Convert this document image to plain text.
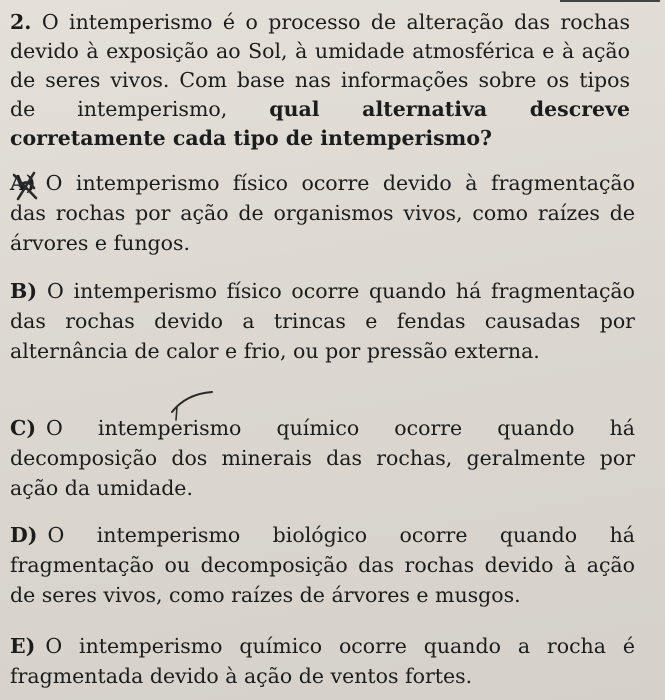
2. O intemperismo é o processo de alteração das rochas devido à exposição ao Sol, à umidade atmosférica e à ação de seres vivos. Com base nas informações sobre os tipos de intemperismo, qual alternativa descreve corretamente cada tipo de intemperismo?
A) O intemperismo físico ocorre devido à fragmentação das rochas por ação de organismos vivos, como raízes de árvores e fungos.
B) O intemperismo físico ocorre quando há fragmentação das rochas devido a trincas e fendas causadas por alternância de calor e frio, ou por pressão externa.
C) O intemperismo químico ocorre quando há decomposição dos minerais das rochas, geralmente por ação da umidade.
D) O intemperismo biológico ocorre quando há fragmentação ou decomposição das rochas devido à ação de seres vivos, como raízes de árvores e musgos.
E) O intemperismo químico ocorre quando a rocha é fragmentada devido à ação de ventos fortes.
